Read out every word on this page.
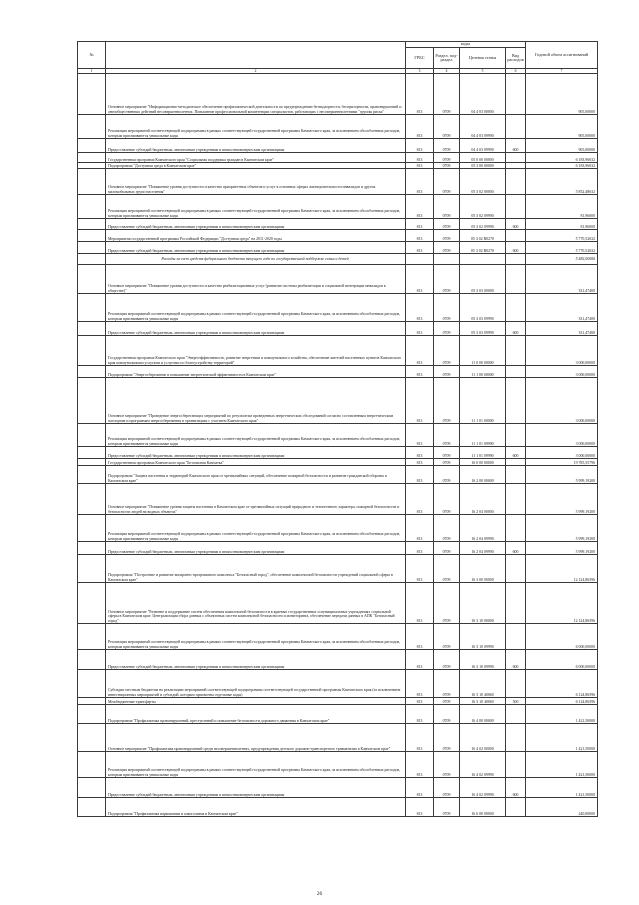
№		коды				Годовой объем ассигнований
		ГРБС	Раздел, под-раздел	Целевая статья	Вид расходов	
1	2	3	4	5	6	7
	Основное мероприятие "Информационно-методическое обеспечение профилактической деятельности по предупреждению безнадзорности, беспризорности, правонарушений и антиобщественных действий несовершеннолетних. Повышение профессиональной компетенции специалистов, работающих с несовершеннолетними "группы риска"	813	0709	04 4 03 00000		905,00000
	Реализация мероприятий соответствующей подпрограммы в рамках соответствующей государственной программы Камчатского края, за исключением обособленных расходов, которым присваиваются уникальные коды	813	0709	04 4 03 09990		905,00000
	Предоставление субсидий бюджетным, автономным учреждениям и иным некоммерческим организациям	813	0709	04 4 03 09990	600	905,00000
	Государственная программа Камчатского края "Социальная поддержка граждан в Камчатском крае"	813	0709	05 0 00 00000		6 183,96032
	Подпрограмма "Доступная среда в Камчатском крае"	813	0709	05 3 00 00000		6 183,96032
	Основное мероприятие "Повышение уровня доступности и качества приоритетных объектов и услуг в основных сферах жизнедеятельности инвалидов и других маломобильных групп населения"	813	0709	05 3 02 00000		5 852,48632
	Реализация мероприятий соответствующей подпрограммы в рамках соответствующей государственной программы Камчатского края, за исключением обособленных расходов, которым присваиваются уникальные коды	813	0709	05 3 02 09990		81,96000
	Предоставление субсидий бюджетным, автономным учреждениям и иным некоммерческим организациям	813	0709	05 3 02 09990	600	81,96000
	Мероприятия государственной программы Российской Федерации "Доступная среда" на 2011-2020 годы	813	0709	05 3 02 R0270		5 770,52632
	Предоставление субсидий бюджетным, автономным учреждениям и иным некоммерческим организациям	813	0709	05 3 02 R0270	600	5 770,52632
	Расходы за счет средств федерального бюджета текущего года по государственной поддержке семьи и детей					5 482,00000
	Основное мероприятие "Повышение уровня доступности и качества реабилитационных услуг (развитие системы реабилитации и социальной интеграции инвалидов в обществе)"	813	0709	05 3 03 00000		331,47400
	Реализация мероприятий соответствующей подпрограммы в рамках соответствующей государственной программы Камчатского края, за исключением обособленных расходов, которым присваиваются уникальные коды	813	0709	05 3 03 09990		331,47400
	Предоставление субсидий бюджетным, автономным учреждениям и иным некоммерческим организациям	813	0709	05 3 03 09990	600	331,47400
	Государственная программа Камчатского края "Энергоэффективность, развитие энергетики и коммунального хозяйства, обеспечение жителей населенных пунктов Камчатского края коммунальными услугами и услугами по благоустройству территорий"	813	0709	11 0 00 00000		3 000,00000
	Подпрограмма "Энергосбережение и повышение энергетической эффективности в Камчатском крае"	813	0709	11 1 00 00000		3 000,00000
	Основное мероприятие "Проведение энергосберегающих мероприятий по результатам проведенных энергетических обследований согласно составленным энергетическим паспортам и программам энергосбережения в организациях с участием Камчатского края"	813	0709	11 1 01 00000		3 000,00000
	Реализация мероприятий соответствующей подпрограммы в рамках соответствующей государственной программы Камчатского края, за исключением обособленных расходов, которым присваиваются уникальные коды	813	0709	11 1 01 09990		3 000,00000
	Предоставление субсидий бюджетным, автономным учреждениям и иным некоммерческим организациям	813	0709	11 1 01 09990	600	3 000,00000
	Государственная программа Камчатского края "Безопасная Камчатка"	813	0709	16 0 00 00000		19 785,55796
	Подпрограмма "Защита населения и территорий Камчатского края от чрезвычайных ситуаций, обеспечение пожарной безопасности и развитие гражданской обороны в Камчатском крае"	813	0709	16 2 00 00000		5 999,19200
	Основное мероприятие "Повышение уровня защиты населения в Камчатском крае от чрезвычайных ситуаций природного и техногенного характера, пожарной безопасности и безопасности людей на водных объектах"	813	0709	16 2 04 00000		5 999,19200
	Реализация мероприятий соответствующей подпрограммы в рамках соответствующей государственной программы Камчатского края, за исключением обособленных расходов, которым присваиваются уникальные коды	813	0709	16 2 04 09990		5 999,19200
	Предоставление субсидий бюджетным, автономным учреждениям и иным некоммерческим организациям	813	0709	16 2 04 09990	600	5 999,19200
	Подпрограмма "Построение и развитие аппаратно-программного комплекса "Безопасный город", обеспечение комплексной безопасности учреждений социальной сферы в Камчатском крае"	813	0709	16 3 00 00000		12 124,86596
	Основное мероприятие "Развитие и поддержание систем обеспечения комплексной безопасности в краевых государственных и муниципальных учреждениях социальной сферы в Камчатском крае. Централизация сбора данных с объектовых систем комплексной безопасности и мониторинга, обеспечение передачи данных в АПК "Безопасный город"	813	0709	16 3 10 00000		12 124,86596
	Реализация мероприятий соответствующей подпрограммы в рамках соответствующей государственной программы Камчатского края, за исключением обособленных расходов, которым присваиваются уникальные коды	813	0709	16 3 10 09990		6 000,00000
	Предоставление субсидий бюджетным, автономным учреждениям и иным некоммерческим организациям	813	0709	16 3 10 09990	600	6 000,00000
	Субсидии местным бюджетам на реализацию мероприятий соответствующей подпрограммы соответствующей государственной программы Камчатского края (за исключением инвестиционных мероприятий и субсидий, которым присвоены отдельные коды)	813	0709	16 3 10 40060		6 124,86596
	Межбюджетные трансферты	813	0709	16 3 10 40060	500	6 124,86596
	Подпрограмма "Профилактика правонарушений, преступлений и повышение безопасности дорожного движения в Камчатском крае"	813	0709	16 4 00 00000		1 421,50000
	Основное мероприятие "Профилактика правонарушений среди несовершеннолетних, предупреждения детского дорожно-транспортного травматизма в Камчатском крае"	813	0709	16 4 02 00000		1 421,50000
	Реализация мероприятий соответствующей подпрограммы в рамках соответствующей государственной программы Камчатского края, за исключением обособленных расходов, которым присваиваются уникальные коды	813	0709	16 4 02 09990		1 421,50000
	Предоставление субсидий бюджетным, автономным учреждениям и иным некоммерческим организациям	813	0709	16 4 02 09990	600	1 421,50000
	Подпрограмма "Профилактика наркомании и алкоголизма в Камчатском крае"	813	0709	16 6 00 00000		240,00000
26
